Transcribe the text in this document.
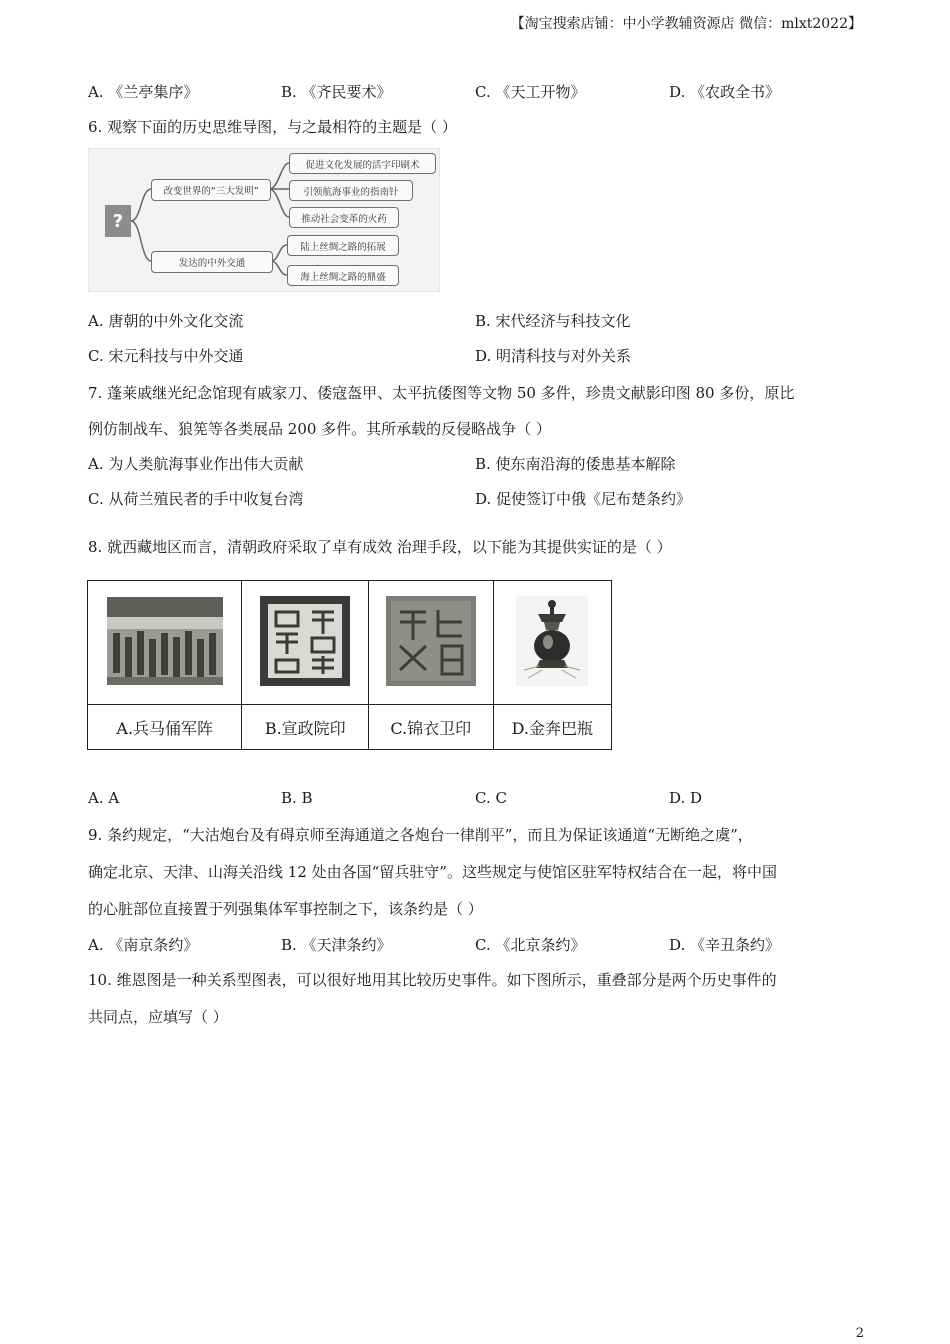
【淘宝搜索店铺：中小学教辅资源店 微信：mlxt2022】
A. 《兰亭集序》	B. 《齐民要术》	C. 《天工开物》	D. 《农政全书》
6. 观察下面的历史思维导图，与之最相符的主题是（ ）
?
改变世界的“三大发明”
促进文化发展的活字印刷术
引领航海事业的指南针
推动社会变革的火药
发达的中外交通
陆上丝绸之路的拓展
海上丝绸之路的鼎盛
A. 唐朝的中外文化交流	B. 宋代经济与科技文化
C. 宋元科技与中外交通	D. 明清科技与对外关系
7. 蓬莱戚继光纪念馆现有戚家刀、倭寇盔甲、太平抗倭图等文物 50 多件，珍贵文献影印图 80 多份，原比
例仿制战车、狼筅等各类展品 200 多件。其所承载的反侵略战争（ ）
A. 为人类航海事业作出伟大贡献	B. 使东南沿海的倭患基本解除
C. 从荷兰殖民者的手中收复台湾	D. 促使签订中俄《尼布楚条约》
8. 就西藏地区而言，清朝政府采取了卓有成效 治理手段，以下能为其提供实证的是（ ）

A.兵马俑军阵	B.宣政院印	C.锦衣卫印	D.金奔巴瓶
A. A	B. B	C. C	D. D
9. 条约规定，“大沽炮台及有碍京师至海通道之各炮台一律削平”，而且为保证该通道“无断绝之虞”，
确定北京、天津、山海关沿线 12 处由各国“留兵驻守”。这些规定与使馆区驻军特权结合在一起，将中国
的心脏部位直接置于列强集体军事控制之下，该条约是（ ）
A. 《南京条约》	B. 《天津条约》	C. 《北京条约》	D. 《辛丑条约》
10. 维恩图是一种关系型图表，可以很好地用其比较历史事件。如下图所示，重叠部分是两个历史事件的
共同点，应填写（ ）
2
